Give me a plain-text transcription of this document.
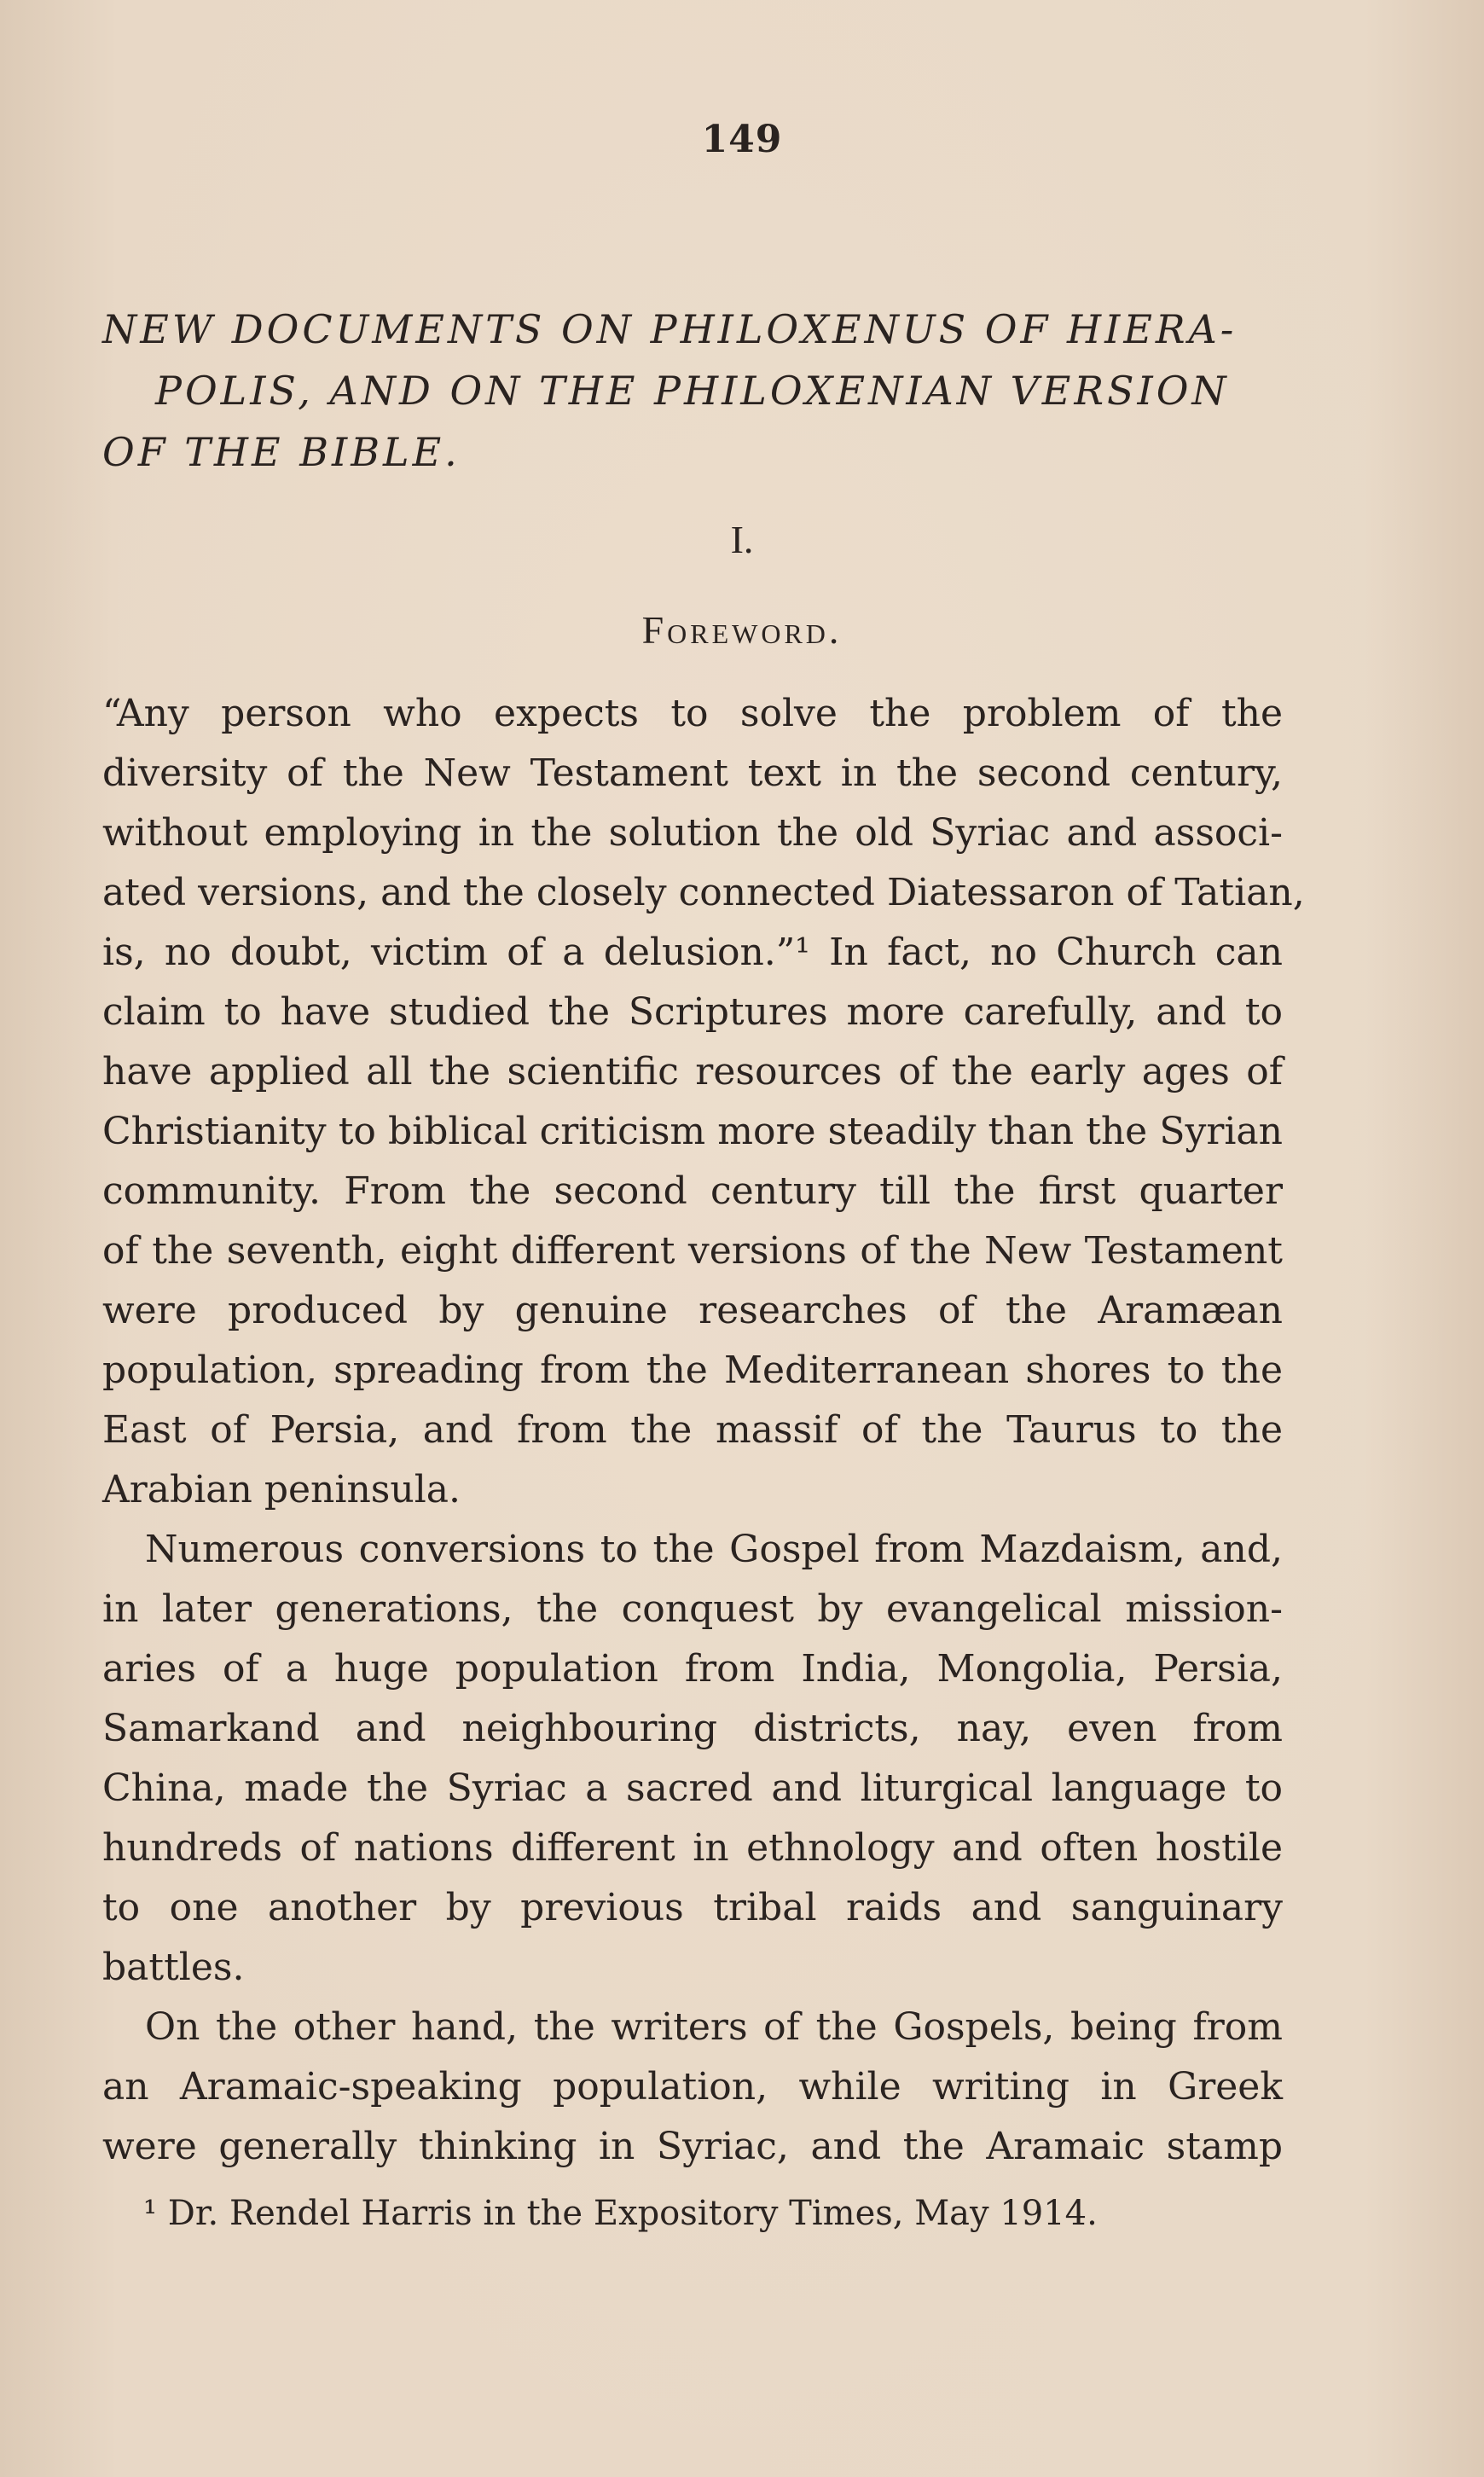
149
NEW DOCUMENTS ON PHILOXENUS OF HIERA-
POLIS, AND ON THE PHILOXENIAN VERSION
OF THE BIBLE.
I.
Foreword.
“Any person who expects to solve the problem of the
diversity of the New Testament text in the second century,
without employing in the solution the old Syriac and associ-
ated versions, and the closely connected Diatessaron of Tatian,
is, no doubt, victim of a delusion.”¹ In fact, no Church can
claim to have studied the Scriptures more carefully, and to
have applied all the scientific resources of the early ages of
Christianity to biblical criticism more steadily than the Syrian
community. From the second century till the first quarter
of the seventh, eight different versions of the New Testament
were produced by genuine researches of the Aramæan
population, spreading from the Mediterranean shores to the
East of Persia, and from the massif of the Taurus to the
Arabian peninsula.
Numerous conversions to the Gospel from Mazdaism, and,
in later generations, the conquest by evangelical mission-
aries of a huge population from India, Mongolia, Persia,
Samarkand and neighbouring districts, nay, even from
China, made the Syriac a sacred and liturgical language to
hundreds of nations different in ethnology and often hostile
to one another by previous tribal raids and sanguinary
battles.
On the other hand, the writers of the Gospels, being from
an Aramaic-speaking population, while writing in Greek
were generally thinking in Syriac, and the Aramaic stamp
¹ Dr. Rendel Harris in the Expository Times, May 1914.
